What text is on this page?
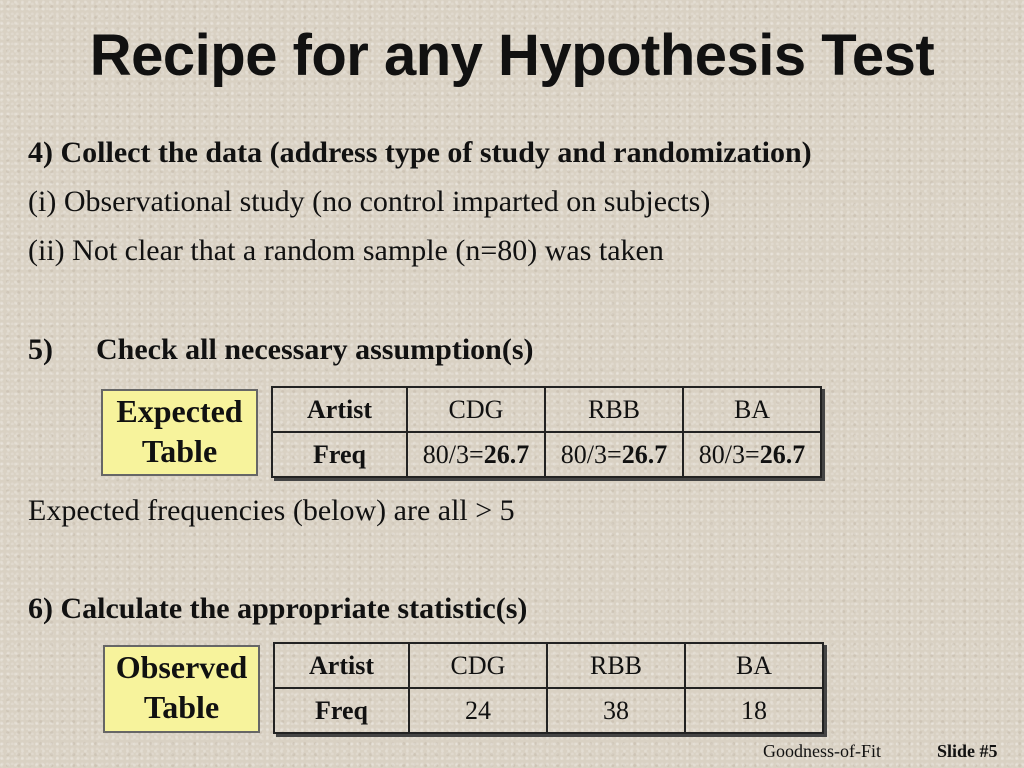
Recipe for any Hypothesis Test
4) Collect the data (address type of study and randomization)
(i) Observational study (no control imparted on subjects)
(ii) Not clear that a random sample (n=80) was taken
5) Check all necessary assumption(s)
Expected
Table
Artist	CDG	RBB	BA
Freq	80/3=26.7	80/3=26.7	80/3=26.7
Expected frequencies (below) are all > 5
6) Calculate the appropriate statistic(s)
Observed
Table
Artist	CDG	RBB	BA
Freq	24	38	18
Goodness-of-Fit	Slide #5
